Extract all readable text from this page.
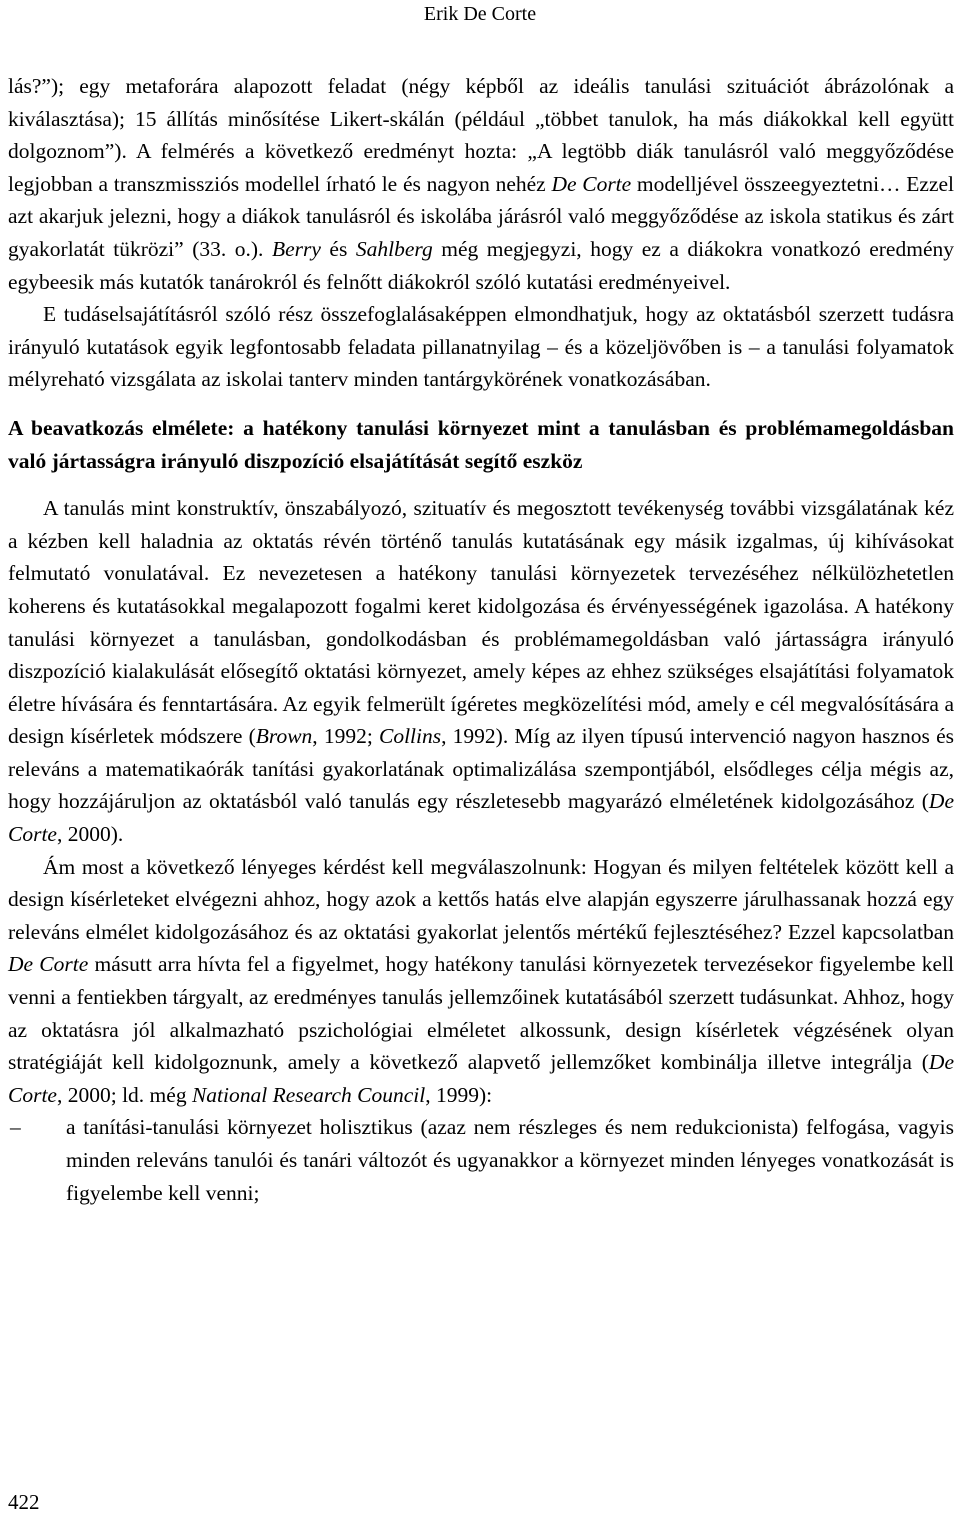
Erik De Corte

lás?”); egy metaforára alapozott feladat (négy képből az ideális tanulási szituációt ábrázolónak a kiválasztása); 15 állítás minősítése Likert-skálán (például „többet tanulok, ha más diákokkal kell együtt dolgoznom”). A felmérés a következő eredményt hozta: „A legtöbb diák tanulásról való meggyőződése legjobban a transzmissziós modellel írható le és nagyon nehéz De Corte modelljével összeegyeztetni… Ezzel azt akarjuk jelezni, hogy a diákok tanulásról és iskolába járásról való meggyőződése az iskola statikus és zárt gyakorlatát tükrözi” (33. o.). Berry és Sahlberg még megjegyzi, hogy ez a diákokra vonatkozó eredmény egybeesik más kutatók tanárokról és felnőtt diákokról szóló kutatási eredményeivel.

E tudáselsajátításról szóló rész összefoglalásaképpen elmondhatjuk, hogy az oktatásból szerzett tudásra irányuló kutatások egyik legfontosabb feladata pillanatnyilag – és a közeljövőben is – a tanulási folyamatok mélyreható vizsgálata az iskolai tanterv minden tantárgykörének vonatkozásában.

A beavatkozás elmélete: a hatékony tanulási környezet mint a tanulásban és problémamegoldásban való jártasságra irányuló diszpozíció elsajátítását segítő eszköz

A tanulás mint konstruktív, önszabályozó, szituatív és megosztott tevékenység további vizsgálatának kéz a kézben kell haladnia az oktatás révén történő tanulás kutatásának egy másik izgalmas, új kihívásokat felmutató vonulatával. Ez nevezetesen a hatékony tanulási környezetek tervezéséhez nélkülözhetetlen koherens és kutatásokkal megalapozott fogalmi keret kidolgozása és érvényességének igazolása. A hatékony tanulási környezet a tanulásban, gondolkodásban és problémamegoldásban való jártasságra irányuló diszpozíció kialakulását elősegítő oktatási környezet, amely képes az ehhez szükséges elsajátítási folyamatok életre hívására és fenntartására. Az egyik felmerült ígéretes megközelítési mód, amely e cél megvalósítására a design kísérletek módszere (Brown, 1992; Collins, 1992). Míg az ilyen típusú intervenció nagyon hasznos és releváns a matematikaórák tanítási gyakorlatának optimalizálása szempontjából, elsődleges célja mégis az, hogy hozzájáruljon az oktatásból való tanulás egy részletesebb magyarázó elméletének kidolgozásához (De Corte, 2000).

Ám most a következő lényeges kérdést kell megválaszolnunk: Hogyan és milyen feltételek között kell a design kísérleteket elvégezni ahhoz, hogy azok a kettős hatás elve alapján egyszerre járulhassanak hozzá egy releváns elmélet kidolgozásához és az oktatási gyakorlat jelentős mértékű fejlesztéséhez? Ezzel kapcsolatban De Corte másutt arra hívta fel a figyelmet, hogy hatékony tanulási környezetek tervezésekor figyelembe kell venni a fentiekben tárgyalt, az eredményes tanulás jellemzőinek kutatásából szerzett tudásunkat. Ahhoz, hogy az oktatásra jól alkalmazható pszichológiai elméletet alkossunk, design kísérletek végzésének olyan stratégiáját kell kidolgoznunk, amely a következő alapvető jellemzőket kombinálja illetve integrálja (De Corte, 2000; ld. még National Research Council, 1999):

– a tanítási-tanulási környezet holisztikus (azaz nem részleges és nem redukcionista) felfogása, vagyis minden releváns tanulói és tanári változót és ugyanakkor a környezet minden lényeges vonatkozását is figyelembe kell venni;

422
